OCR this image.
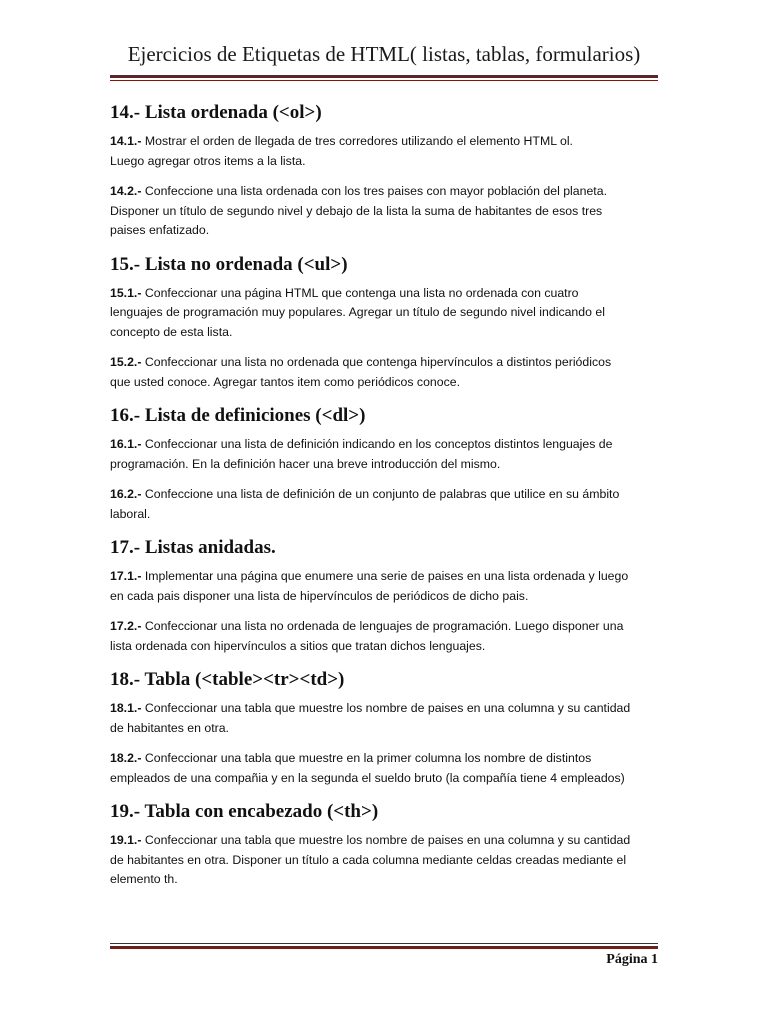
Ejercicios de Etiquetas de HTML( listas, tablas, formularios)
14.- Lista ordenada (<ol>)
14.1.- Mostrar el orden de llegada de tres corredores utilizando el elemento HTML ol.
Luego agregar otros items a la lista.
14.2.- Confeccione una lista ordenada con los tres paises con mayor población del planeta.
Disponer un título de segundo nivel y debajo de la lista la suma de habitantes de esos tres
paises enfatizado.
15.- Lista no ordenada (<ul>)
15.1.- Confeccionar una página HTML que contenga una lista no ordenada con cuatro
lenguajes de programación muy populares. Agregar un título de segundo nivel indicando el
concepto de esta lista.
15.2.- Confeccionar una lista no ordenada que contenga hipervínculos a distintos periódicos
que usted conoce. Agregar tantos item como periódicos conoce.
16.- Lista de definiciones (<dl>)
16.1.- Confeccionar una lista de definición indicando en los conceptos distintos lenguajes de
programación. En la definición hacer una breve introducción del mismo.
16.2.- Confeccione una lista de definición de un conjunto de palabras que utilice en su ámbito
laboral.
17.- Listas anidadas.
17.1.- Implementar una página que enumere una serie de paises en una lista ordenada y luego
en cada pais disponer una lista de hipervínculos de periódicos de dicho pais.
17.2.- Confeccionar una lista no ordenada de lenguajes de programación. Luego disponer una
lista ordenada con hipervínculos a sitios que tratan dichos lenguajes.
18.- Tabla (<table><tr><td>)
18.1.- Confeccionar una tabla que muestre los nombre de paises en una columna y su cantidad
de habitantes en otra.
18.2.- Confeccionar una tabla que muestre en la primer columna los nombre de distintos
empleados de una compañia y en la segunda el sueldo bruto (la compañía tiene 4 empleados)
19.- Tabla con encabezado (<th>)
19.1.- Confeccionar una tabla que muestre los nombre de paises en una columna y su cantidad
de habitantes en otra. Disponer un título a cada columna mediante celdas creadas mediante el
elemento th.
Página 1
